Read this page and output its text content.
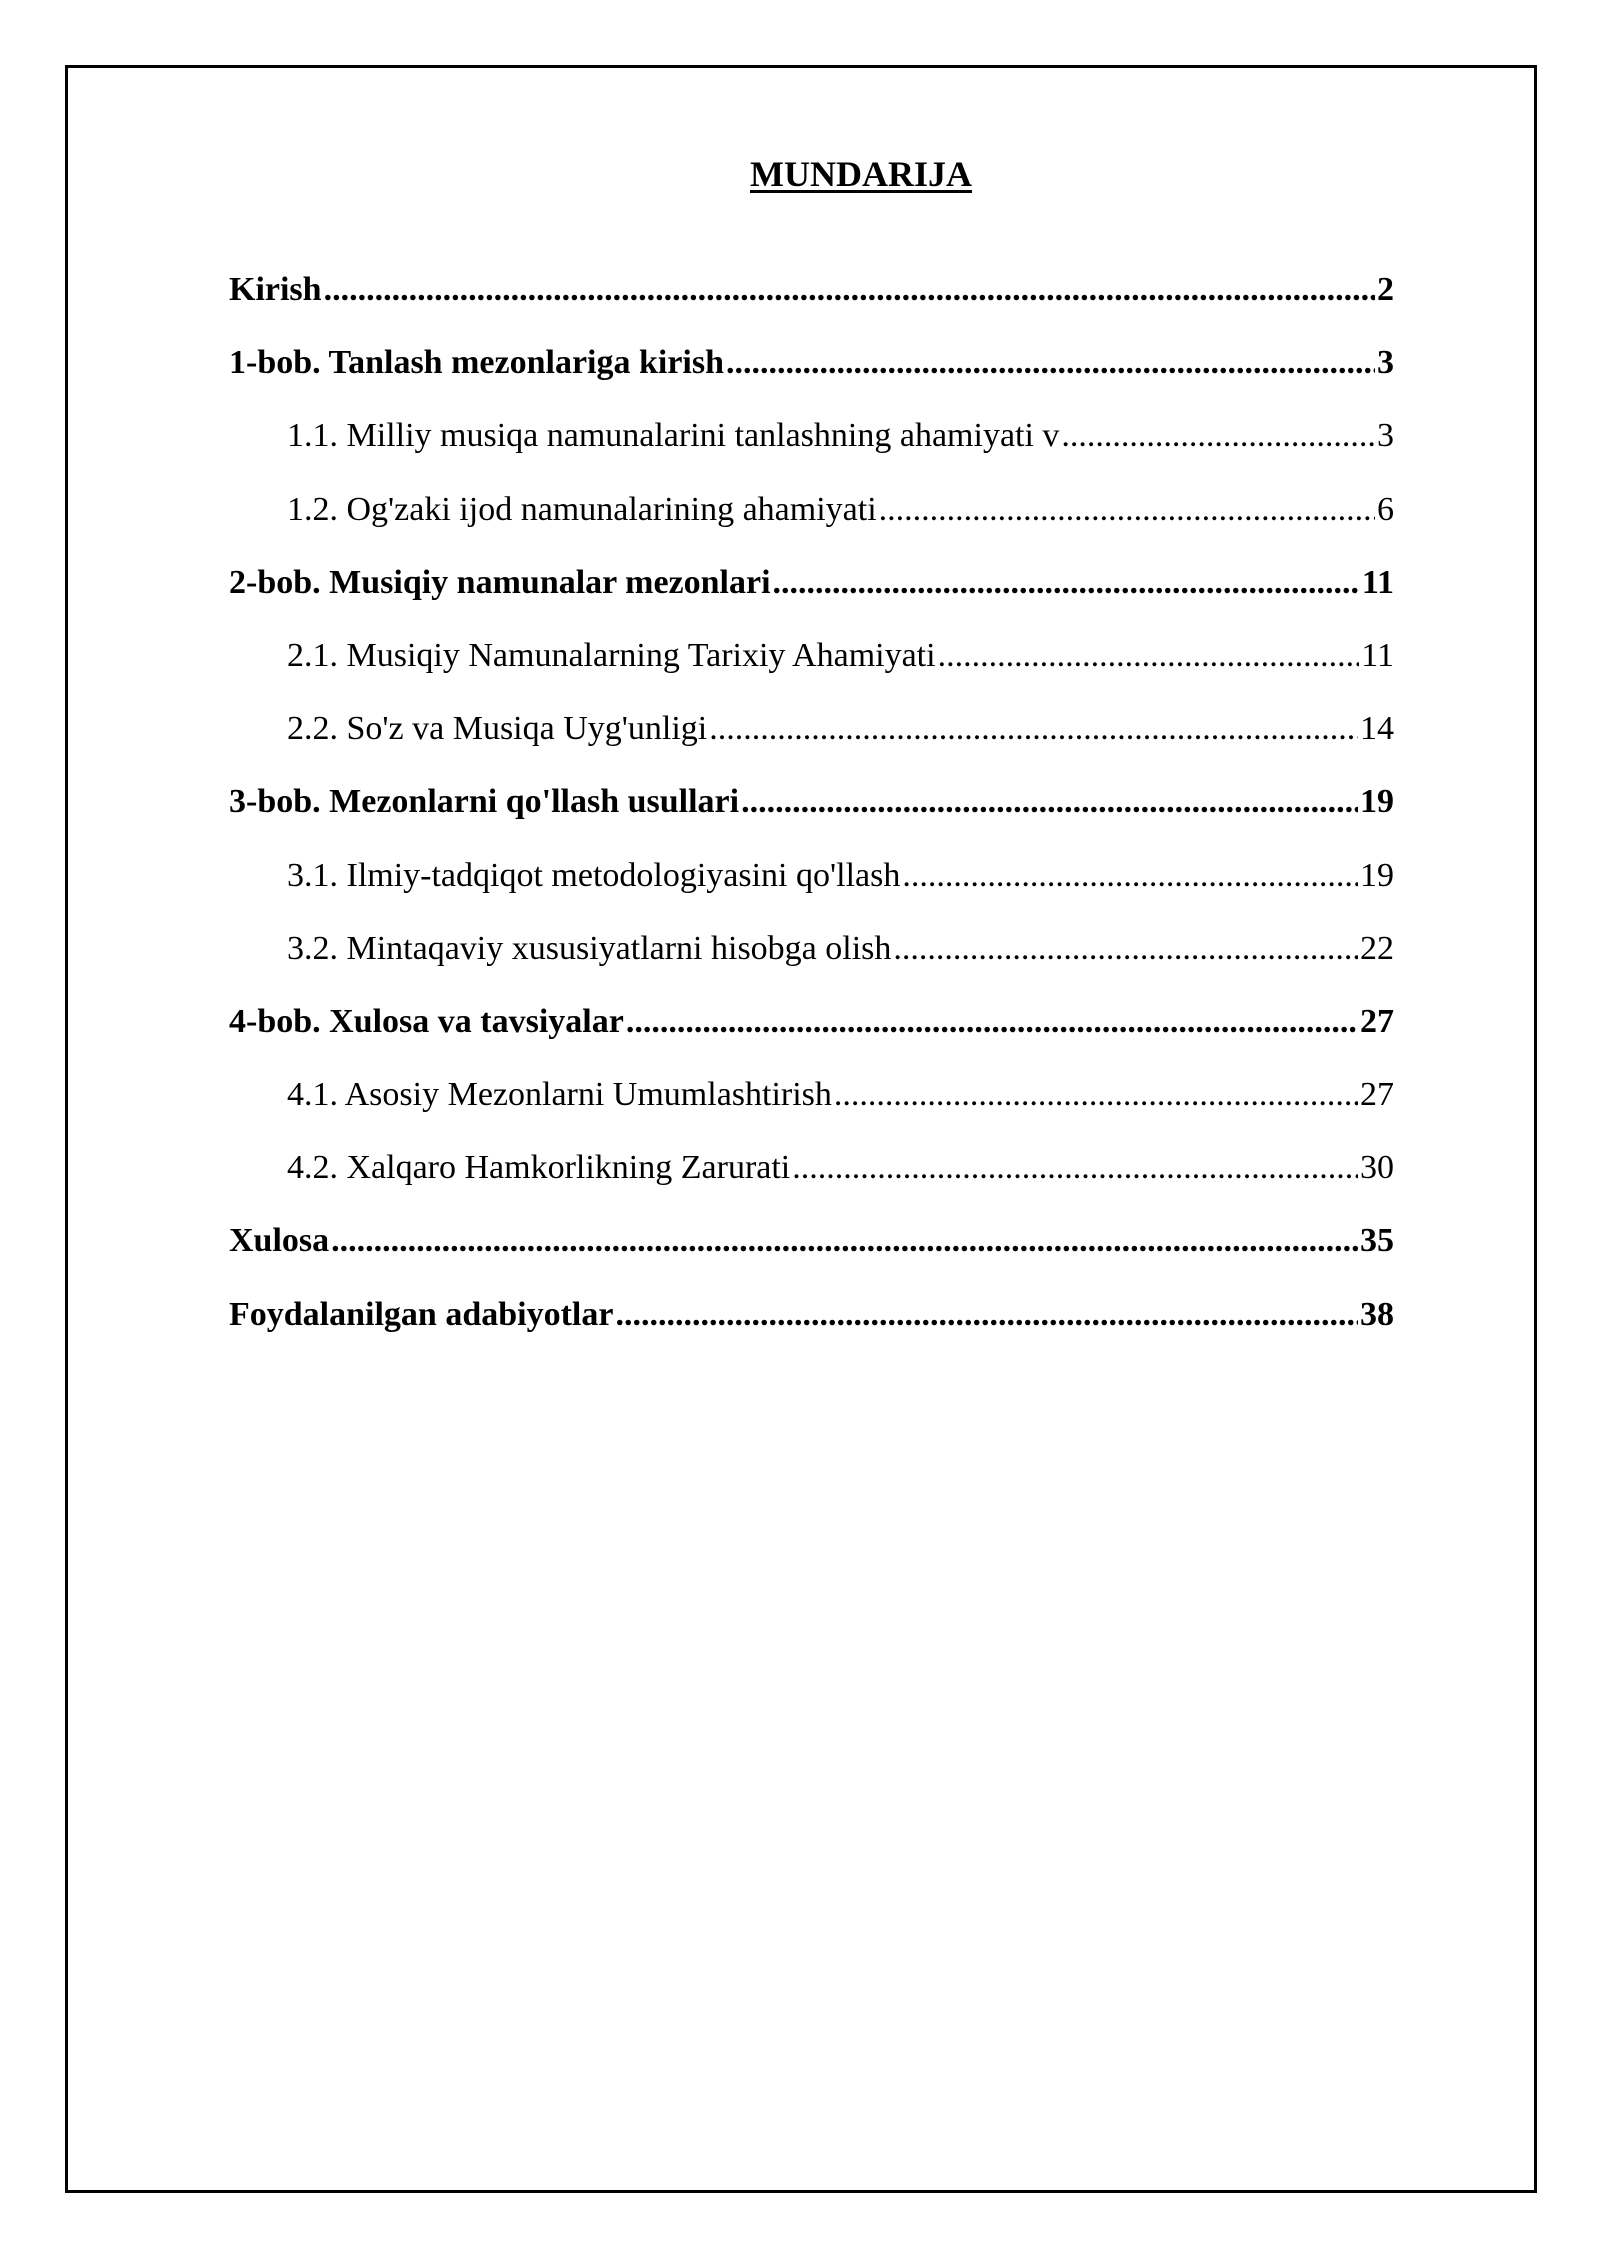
MUNDARIJA
Kirish .....	2
1-bob. Tanlash mezonlariga kirish .....	3
1.1. Milliy musiqa namunalarini tanlashning ahamiyati v .....	3
1.2. Og'zaki ijod namunalarining ahamiyati .....	6
2-bob. Musiqiy namunalar mezonlari .....	11
2.1. Musiqiy Namunalarning Tarixiy Ahamiyati .....	11
2.2. So'z va Musiqa Uyg'unligi .....	14
3-bob. Mezonlarni qo'llash usullari .....	19
3.1. Ilmiy-tadqiqot metodologiyasini qo'llash .....	19
3.2. Mintaqaviy xususiyatlarni hisobga olish .....	22
4-bob. Xulosa va tavsiyalar .....	27
4.1. Asosiy Mezonlarni Umumlashtirish .....	27
4.2. Xalqaro Hamkorlikning Zarurati .....	30
Xulosa .....	35
Foydalanilgan adabiyotlar .....	38
